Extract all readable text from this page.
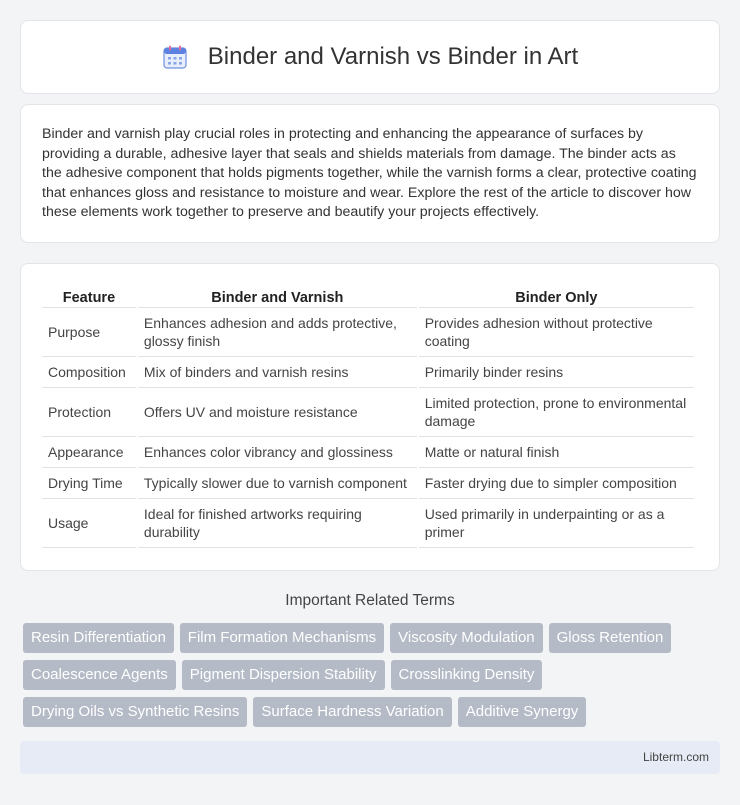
Binder and Varnish vs Binder in Art

Binder and varnish play crucial roles in protecting and enhancing the appearance of surfaces by providing a durable, adhesive layer that seals and shields materials from damage. The binder acts as the adhesive component that holds pigments together, while the varnish forms a clear, protective coating that enhances gloss and resistance to moisture and wear. Explore the rest of the article to discover how these elements work together to preserve and beautify your projects effectively.

Feature	Binder and Varnish	Binder Only
Purpose	Enhances adhesion and adds protective, glossy finish	Provides adhesion without protective coating
Composition	Mix of binders and varnish resins	Primarily binder resins
Protection	Offers UV and moisture resistance	Limited protection, prone to environmental damage
Appearance	Enhances color vibrancy and glossiness	Matte or natural finish
Drying Time	Typically slower due to varnish component	Faster drying due to simpler composition
Usage	Ideal for finished artworks requiring durability	Used primarily in underpainting or as a primer
Important Related Terms
Resin Differentiation	Film Formation Mechanisms	Viscosity Modulation	Gloss Retention
Coalescence Agents	Pigment Dispersion Stability	Crosslinking Density
Drying Oils vs Synthetic Resins	Surface Hardness Variation	Additive Synergy
Libterm.com
